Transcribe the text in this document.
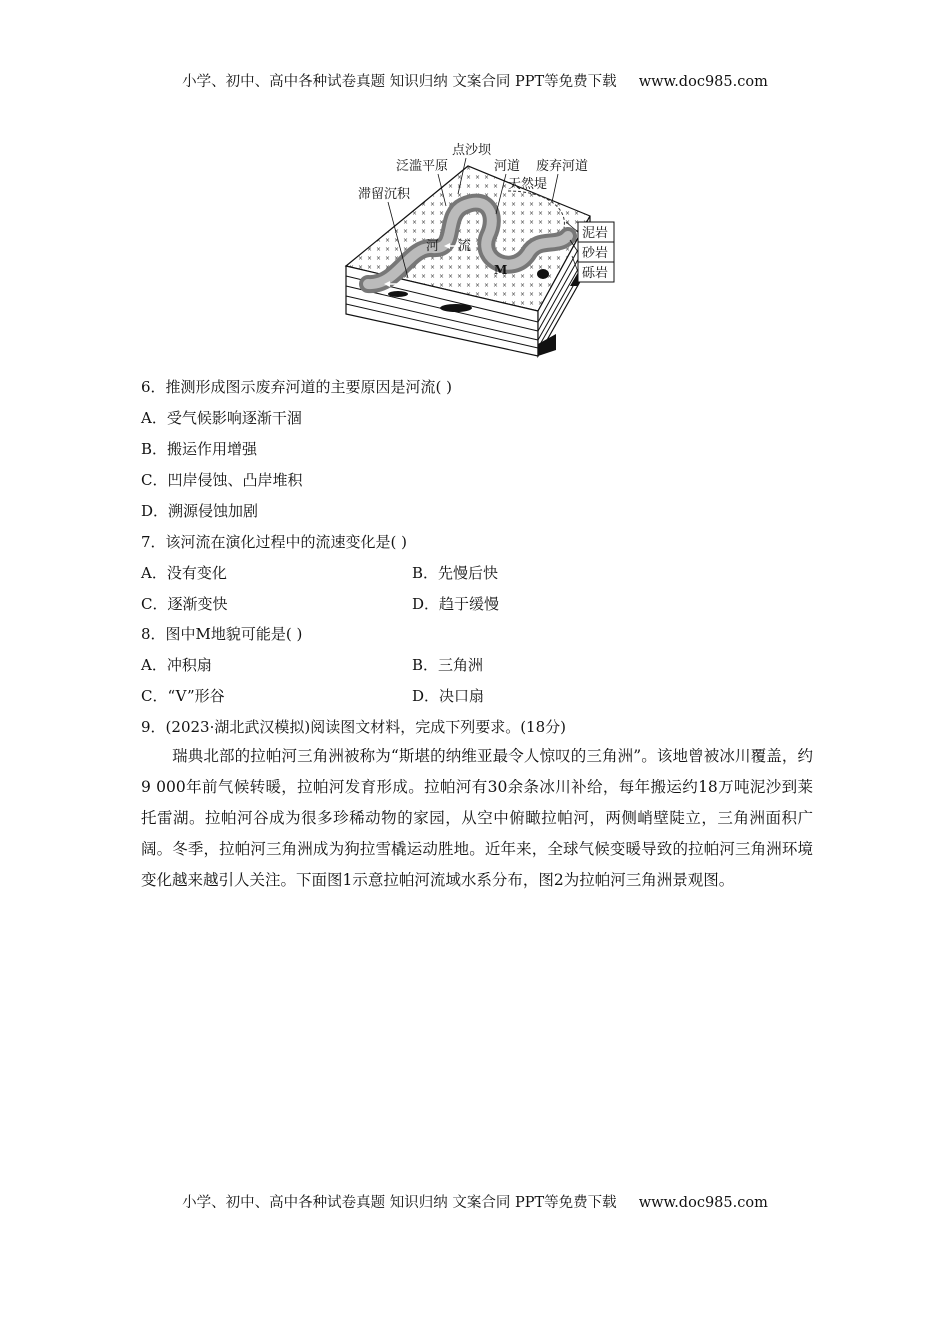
小学、初中、高中各种试卷真题 知识归纳 文案合同 PPT等免费下载 www.doc985.com
点沙坝
泛滥平原	河道 废弃河道
天然堤
滞留沉积
河 流
M
泥岩
砂岩
砾岩
6．推测形成图示废弃河道的主要原因是河流( )
A．受气候影响逐渐干涸
B．搬运作用增强
C．凹岸侵蚀、凸岸堆积
D．溯源侵蚀加剧
7．该河流在演化过程中的流速变化是( )
A．没有变化	B．先慢后快
C．逐渐变快	D．趋于缓慢
8．图中M地貌可能是( )
A．冲积扇	B．三角洲
C．“V”形谷	D．决口扇
9．(2023·湖北武汉模拟)阅读图文材料，完成下列要求。(18分)
瑞典北部的拉帕河三角洲被称为“斯堪的纳维亚最令人惊叹的三角洲”。该地曾被冰川覆盖，约9 000年前气候转暖，拉帕河发育形成。拉帕河有30余条冰川补给，每年搬运约18万吨泥沙到莱托雷湖。拉帕河谷成为很多珍稀动物的家园，从空中俯瞰拉帕河，两侧峭壁陡立，三角洲面积广阔。冬季，拉帕河三角洲成为狗拉雪橇运动胜地。近年来，全球气候变暖导致的拉帕河三角洲环境变化越来越引人关注。下面图1示意拉帕河流域水系分布，图2为拉帕河三角洲景观图。
小学、初中、高中各种试卷真题 知识归纳 文案合同 PPT等免费下载 www.doc985.com
